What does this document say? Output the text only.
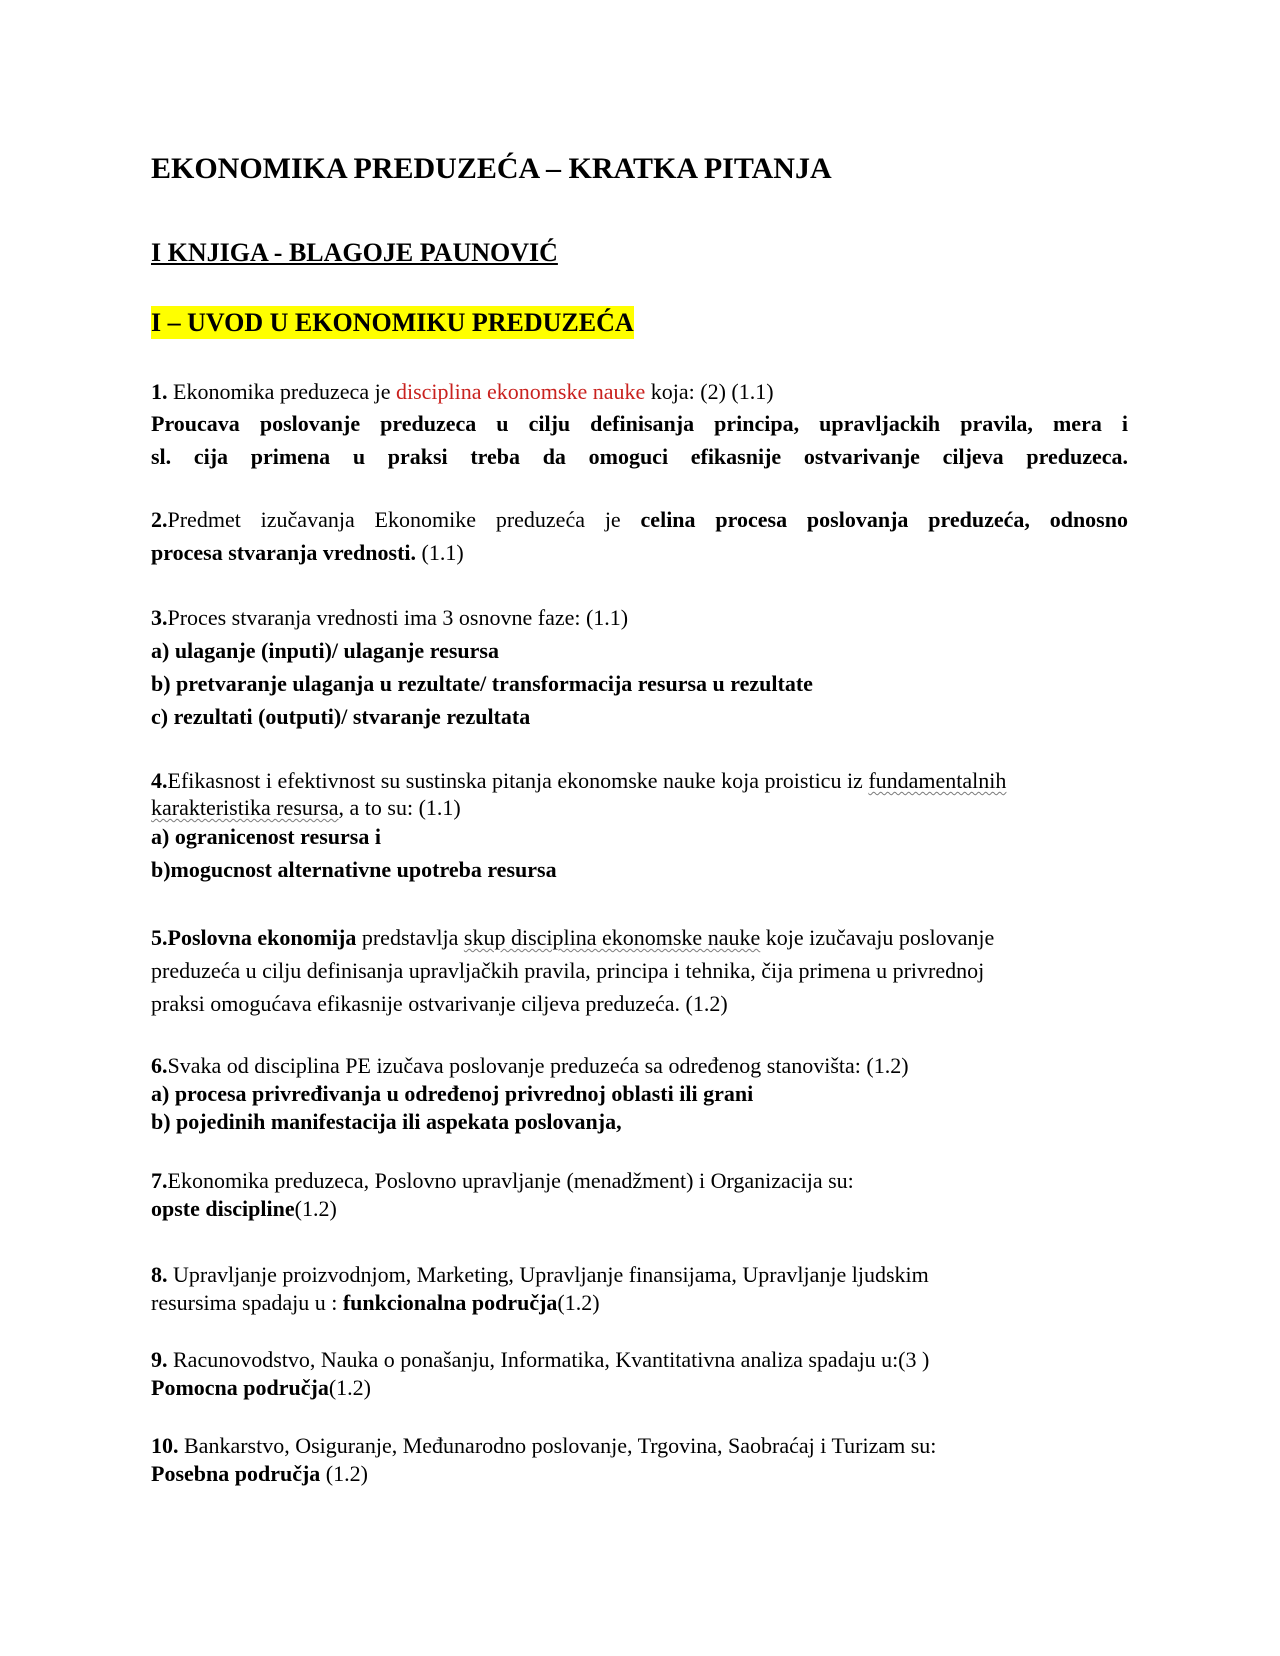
EKONOMIKA PREDUZEĆA – KRATKA PITANJA
I KNJIGA - BLAGOJE PAUNOVIĆ
I – UVOD U EKONOMIKU PREDUZEĆA
1. Ekonomika preduzeca je disciplina ekonomske nauke koja: (2) (1.1)
Proucava poslovanje preduzeca u cilju definisanja principa, upravljackih pravila, mera i
sl. cija primena u praksi treba da omoguci efikasnije ostvarivanje ciljeva preduzeca.
2.Predmet izučavanja Ekonomike preduzeća je celina procesa poslovanja preduzeća, odnosno
procesa stvaranja vrednosti. (1.1)
3.Proces stvaranja vrednosti ima 3 osnovne faze: (1.1)
a) ulaganje (inputi)/ ulaganje resursa
b) pretvaranje ulaganja u rezultate/ transformacija resursa u rezultate
c) rezultati (outputi)/ stvaranje rezultata
4.Efikasnost i efektivnost su sustinska pitanja ekonomske nauke koja proisticu iz fundamentalnih
karakteristika resursa, a to su: (1.1)
a) ogranicenost resursa i
b)mogucnost alternativne upotreba resursa
5.Poslovna ekonomija predstavlja skup disciplina ekonomske nauke koje izučavaju poslovanje
preduzeća u cilju definisanja upravljačkih pravila, principa i tehnika, čija primena u privrednoj
praksi omogućava efikasnije ostvarivanje ciljeva preduzeća. (1.2)
6.Svaka od disciplina PE izučava poslovanje preduzeća sa određenog stanovišta: (1.2)
a) procesa privređivanja u određenoj privrednoj oblasti ili grani
b) pojedinih manifestacija ili aspekata poslovanja,
7.Ekonomika preduzeca, Poslovno upravljanje (menadžment) i Organizacija su:
opste discipline(1.2)
8. Upravljanje proizvodnjom, Marketing, Upravljanje finansijama, Upravljanje ljudskim
resursima spadaju u : funkcionalna područja(1.2)
9. Racunovodstvo, Nauka o ponašanju, Informatika, Kvantitativna analiza spadaju u:(3 )
Pomocna područja(1.2)
10. Bankarstvo, Osiguranje, Međunarodno poslovanje, Trgovina, Saobraćaj i Turizam su:
Posebna područja (1.2)
